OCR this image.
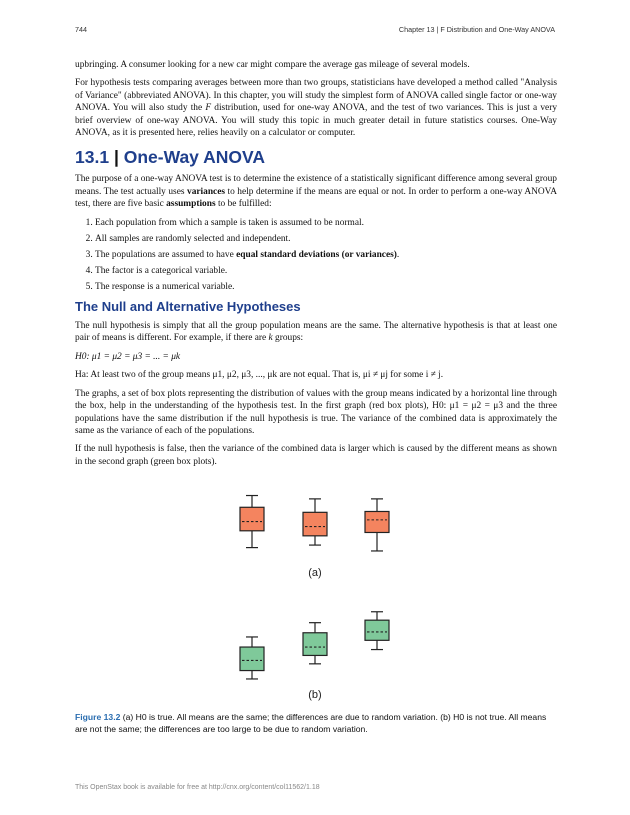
744	Chapter 13 | F Distribution and One-Way ANOVA

upbringing. A consumer looking for a new car might compare the average gas mileage of several models.

For hypothesis tests comparing averages between more than two groups, statisticians have developed a method called "Analysis of Variance" (abbreviated ANOVA). In this chapter, you will study the simplest form of ANOVA called single factor or one-way ANOVA. You will also study the F distribution, used for one-way ANOVA, and the test of two variances. This is just a very brief overview of one-way ANOVA. You will study this topic in much greater detail in future statistics courses. One-Way ANOVA, as it is presented here, relies heavily on a calculator or computer.

13.1 | One-Way ANOVA

The purpose of a one-way ANOVA test is to determine the existence of a statistically significant difference among several group means. The test actually uses variances to help determine if the means are equal or not. In order to perform a one-way ANOVA test, there are five basic assumptions to be fulfilled:

1. Each population from which a sample is taken is assumed to be normal.
2. All samples are randomly selected and independent.
3. The populations are assumed to have equal standard deviations (or variances).
4. The factor is a categorical variable.
5. The response is a numerical variable.
The Null and Alternative Hypotheses

The null hypothesis is simply that all the group population means are the same. The alternative hypothesis is that at least one pair of means is different. For example, if there are k groups:

H0: μ1 = μ2 = μ3 = ... = μk

Ha: At least two of the group means μ1, μ2, μ3, ..., μk are not equal. That is, μi ≠ μj for some i ≠ j.

The graphs, a set of box plots representing the distribution of values with the group means indicated by a horizontal line through the box, help in the understanding of the hypothesis test. In the first graph (red box plots), H0: μ1 = μ2 = μ3 and the three populations have the same distribution if the null hypothesis is true. The variance of the combined data is approximately the same as the variance of each of the populations.

If the null hypothesis is false, then the variance of the combined data is larger which is caused by the different means as shown in the second graph (green box plots).

(a)
(b)
Figure 13.2 (a) H0 is true. All means are the same; the differences are due to random variation. (b) H0 is not true. All means are not the same; the differences are too large to be due to random variation.
This OpenStax book is available for free at http://cnx.org/content/col11562/1.18
